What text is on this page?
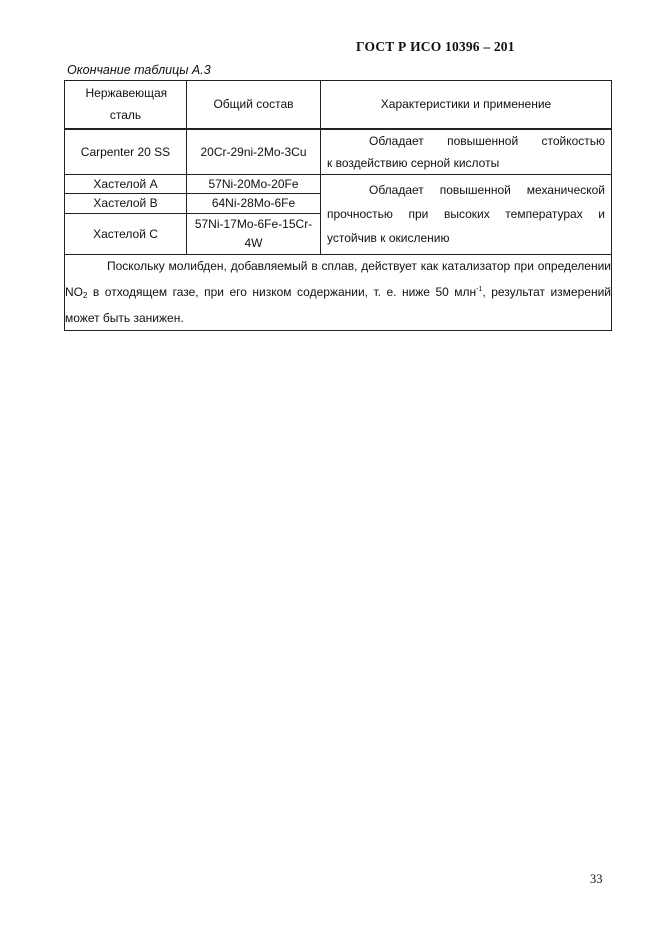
ГОСТ Р ИСО 10396 – 201
Окончание таблицы А.3
Нержавеющая сталь	Общий состав	Характеристики и применение
Carpenter 20 SS	20Cr-29ni-2Mo-3Cu	Обладает повышенной стойкостью
к воздействию серной кислоты

Хастелой А	57Ni-20Mo-20Fe	Обладает повышенной механической
прочностью при высоких температурах и
устойчив к окислению

Хастелой В	64Ni-28Mo-6Fe	
Хастелой С	57Ni-17Mo-6Fe-15Cr-4W	

Поскольку молибден, добавляемый в сплав, действует как катализатор при определении $NO_2$ в отходящем газе, при его низком содержании, т. е. ниже 50 млн$^{-1}$, результат измерений может быть занижен.		

33
